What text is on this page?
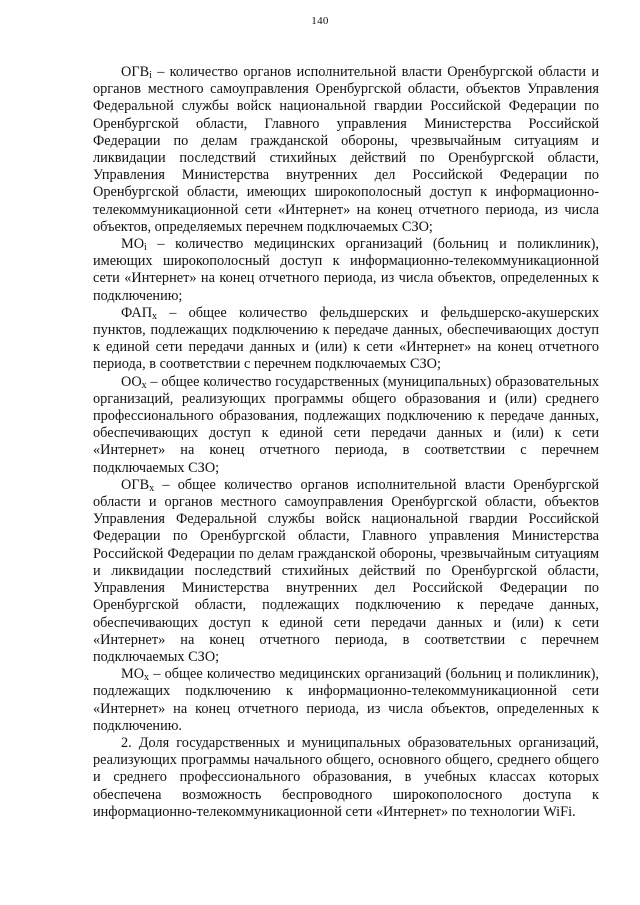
140

$ОГВ_i$ – количество органов исполнительной власти Оренбургской области и органов местного самоуправления Оренбургской области, объектов Управления Федеральной службы войск национальной гвардии Российской Федерации по Оренбургской области, Главного управления Министерства Российской Федерации по делам гражданской обороны, чрезвычайным ситуациям и ликвидации последствий стихийных действий по Оренбургской области, Управления Министерства внутренних дел Российской Федерации по Оренбургской области, имеющих широкополосный доступ к информационно-телекоммуникационной сети «Интернет» на конец отчетного периода, из числа объектов, определяемых перечнем подключаемых СЗО;

$МО_i$ – количество медицинских организаций (больниц и поликлиник), имеющих широкополосный доступ к информационно-телекоммуникационной сети «Интернет» на конец отчетного периода, из числа объектов, определенных к подключению;

$ФАП_x$ – общее количество фельдшерских и фельдшерско-акушерских пунктов, подлежащих подключению к передаче данных, обеспечивающих доступ к единой сети передачи данных и (или) к сети «Интернет» на конец отчетного периода, в соответствии с перечнем подключаемых СЗО;

$ОО_x$ – общее количество государственных (муниципальных) образовательных организаций, реализующих программы общего образования и (или) среднего профессионального образования, подлежащих подключению к передаче данных, обеспечивающих доступ к единой сети передачи данных и (или) к сети «Интернет» на конец отчетного периода, в соответствии с перечнем подключаемых СЗО;

$ОГВ_x$ – общее количество органов исполнительной власти Оренбургской области и органов местного самоуправления Оренбургской области, объектов Управления Федеральной службы войск национальной гвардии Российской Федерации по Оренбургской области, Главного управления Министерства Российской Федерации по делам гражданской обороны, чрезвычайным ситуациям и ликвидации последствий стихийных действий по Оренбургской области, Управления Министерства внутренних дел Российской Федерации по Оренбургской области, подлежащих подключению к передаче данных, обеспечивающих доступ к единой сети передачи данных и (или) к сети «Интернет» на конец отчетного периода, в соответствии с перечнем подключаемых СЗО;

$МО_x$ – общее количество медицинских организаций (больниц и поликлиник), подлежащих подключению к информационно-телекоммуникационной сети «Интернет» на конец отчетного периода, из числа объектов, определенных к подключению.

2. Доля государственных и муниципальных образовательных организаций, реализующих программы начального общего, основного общего, среднего общего и среднего профессионального образования, в учебных классах которых обеспечена возможность беспроводного широкополосного доступа к информационно-телекоммуникационной сети «Интернет» по технологии WiFi.
